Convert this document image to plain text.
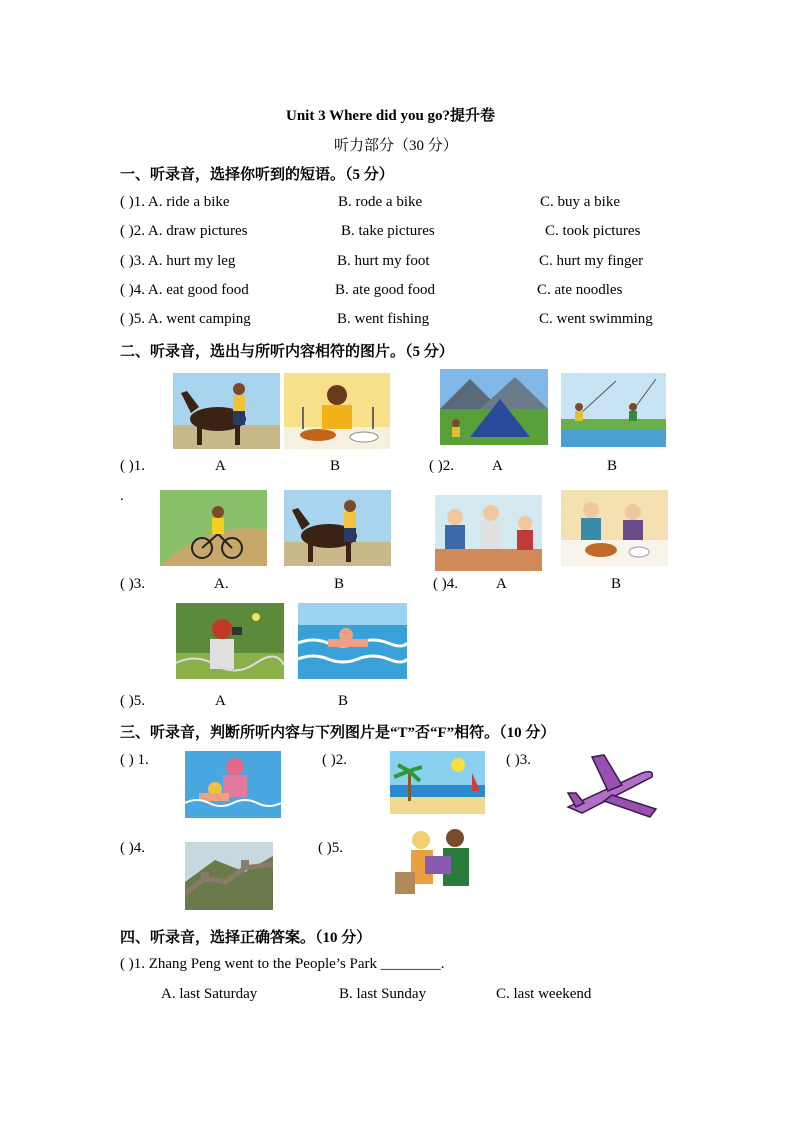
Unit 3 Where did you go?提升卷
听力部分（30 分）
一、听录音，选择你听到的短语。（5 分）
( )1. A. ride a bike	B. rode a bike	C. buy a bike
( )2. A. draw pictures	B. take pictures	C. took pictures
( )3. A. hurt my leg	B. hurt my foot	C. hurt my finger
( )4. A. eat good food	B. ate good food	C. ate noodles
( )5. A. went camping	B. went fishing	C. went swimming
二、听录音，选出与所听内容相符的图片。（5 分）
( )1.	A	B	( )2.	A	B
.
( )3.	A.	B	( )4.	A	B
( )5.	A	B
三、听录音，判断所听内容与下列图片是“T”否“F”相符。（10 分）
( ) 1.	( )2.	( )3.
( )4.	( )5.
四、听录音，选择正确答案。（10 分）
( )1. Zhang Peng went to the People’s Park ________.
A. last Saturday	B. last Sunday	C. last weekend
